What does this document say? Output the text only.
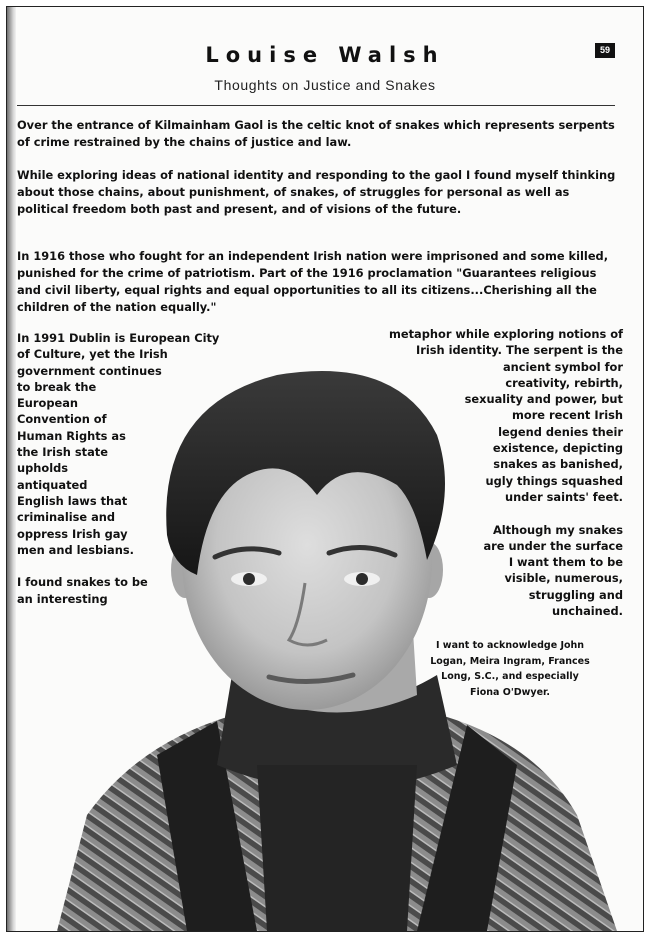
Louise Walsh
Thoughts on Justice and Snakes
59

Over the entrance of Kilmainham Gaol is the celtic knot of snakes which represents serpents of crime restrained by the chains of justice and law.

While exploring ideas of national identity and responding to the gaol I found myself thinking about those chains, about punishment, of snakes, of struggles for personal as well as political freedom both past and present, and of visions of the future.

In 1916 those who fought for an independent Irish nation were imprisoned and some killed, punished for the crime of patriotism. Part of the 1916 proclamation "Guarantees religious and civil liberty, equal rights and equal opportunities to all its citizens...Cherishing all the children of the nation equally."

In 1991 Dublin is European City
of Culture, yet the Irish
government continues
to break the
European
Convention of
Human Rights as
the Irish state
upholds
antiquated
English laws that
criminalise and
oppress Irish gay
men and lesbians.

I found snakes to be
an interesting
metaphor while exploring notions of
Irish identity. The serpent is the
ancient symbol for
creativity, rebirth,
sexuality and power, but
more recent Irish
legend denies their
existence, depicting
snakes as banished,
ugly things squashed
under saints' feet.

Although my snakes
are under the surface
I want them to be
visible, numerous,
struggling and
unchained.
I want to acknowledge John
Logan, Meira Ingram, Frances
Long, S.C., and especially
Fiona O'Dwyer.
